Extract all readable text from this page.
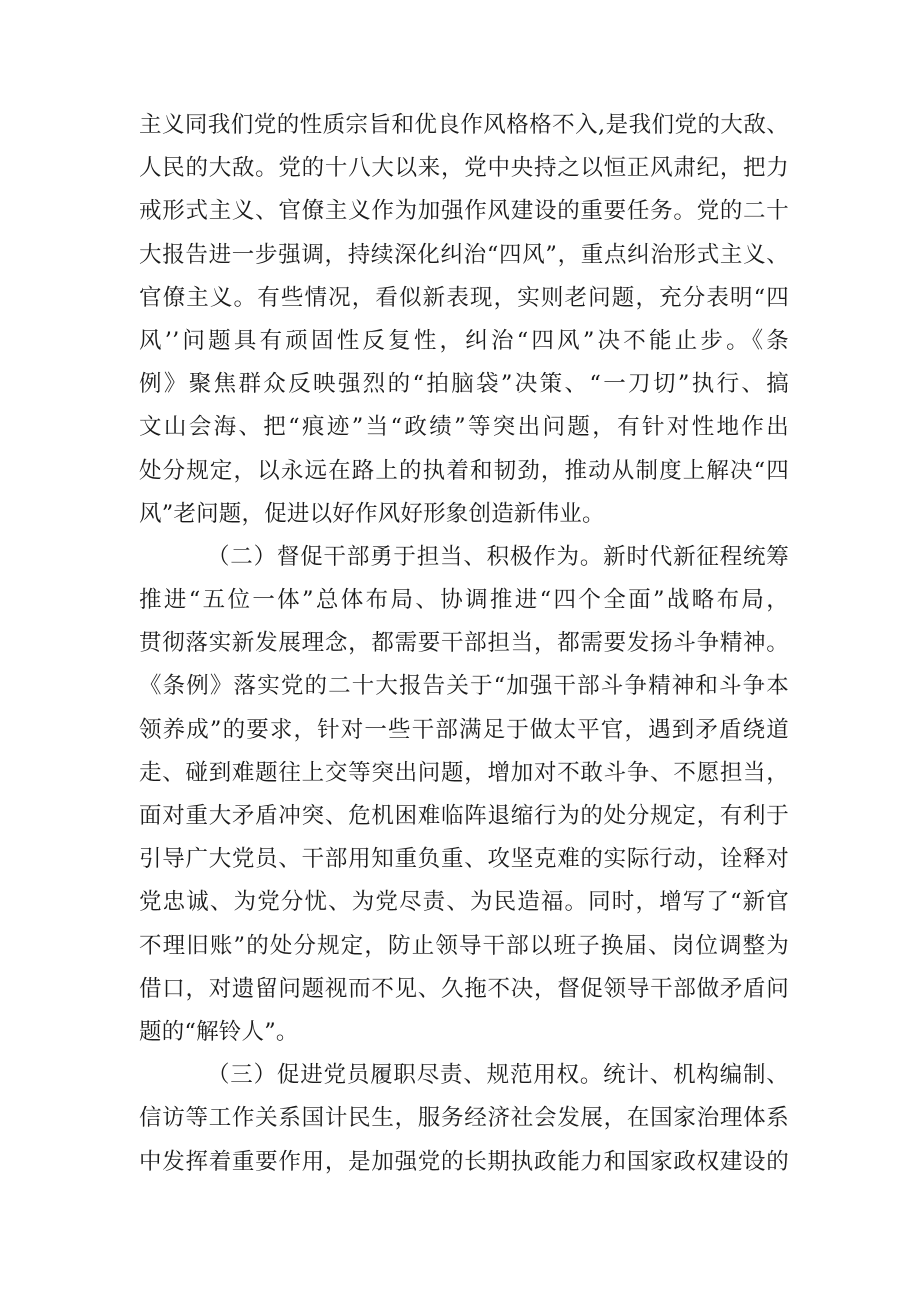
主义同我们党的性质宗旨和优良作风格格不入,是我们党的大敌、
人民的大敌。党的十八大以来，党中央持之以恒正风肃纪，把力
戒形式主义、官僚主义作为加强作风建设的重要任务。党的二十
大报告进一步强调，持续深化纠治“四风”，重点纠治形式主义、
官僚主义。有些情况，看似新表现，实则老问题，充分表明“四
风’’问题具有顽固性反复性，纠治“四风”决不能止步。《条
例》聚焦群众反映强烈的“拍脑袋”决策、“一刀切”执行、搞
文山会海、把“痕迹”当“政绩”等突出问题，有针对性地作出
处分规定，以永远在路上的执着和韧劲，推动从制度上解决“四
风”老问题，促进以好作风好形象创造新伟业。
（二）督促干部勇于担当、积极作为。新时代新征程统筹
推进“五位一体”总体布局、协调推进“四个全面”战略布局，
贯彻落实新发展理念，都需要干部担当，都需要发扬斗争精神。
《条例》落实党的二十大报告关于“加强干部斗争精神和斗争本
领养成”的要求，针对一些干部满足于做太平官，遇到矛盾绕道
走、碰到难题往上交等突出问题，增加对不敢斗争、不愿担当，
面对重大矛盾冲突、危机困难临阵退缩行为的处分规定，有利于
引导广大党员、干部用知重负重、攻坚克难的实际行动，诠释对
党忠诚、为党分忧、为党尽责、为民造福。同时，增写了“新官
不理旧账”的处分规定，防止领导干部以班子换届、岗位调整为
借口，对遗留问题视而不见、久拖不决，督促领导干部做矛盾问
题的“解铃人”。
（三）促进党员履职尽责、规范用权。统计、机构编制、
信访等工作关系国计民生，服务经济社会发展，在国家治理体系
中发挥着重要作用，是加强党的长期执政能力和国家政权建设的
